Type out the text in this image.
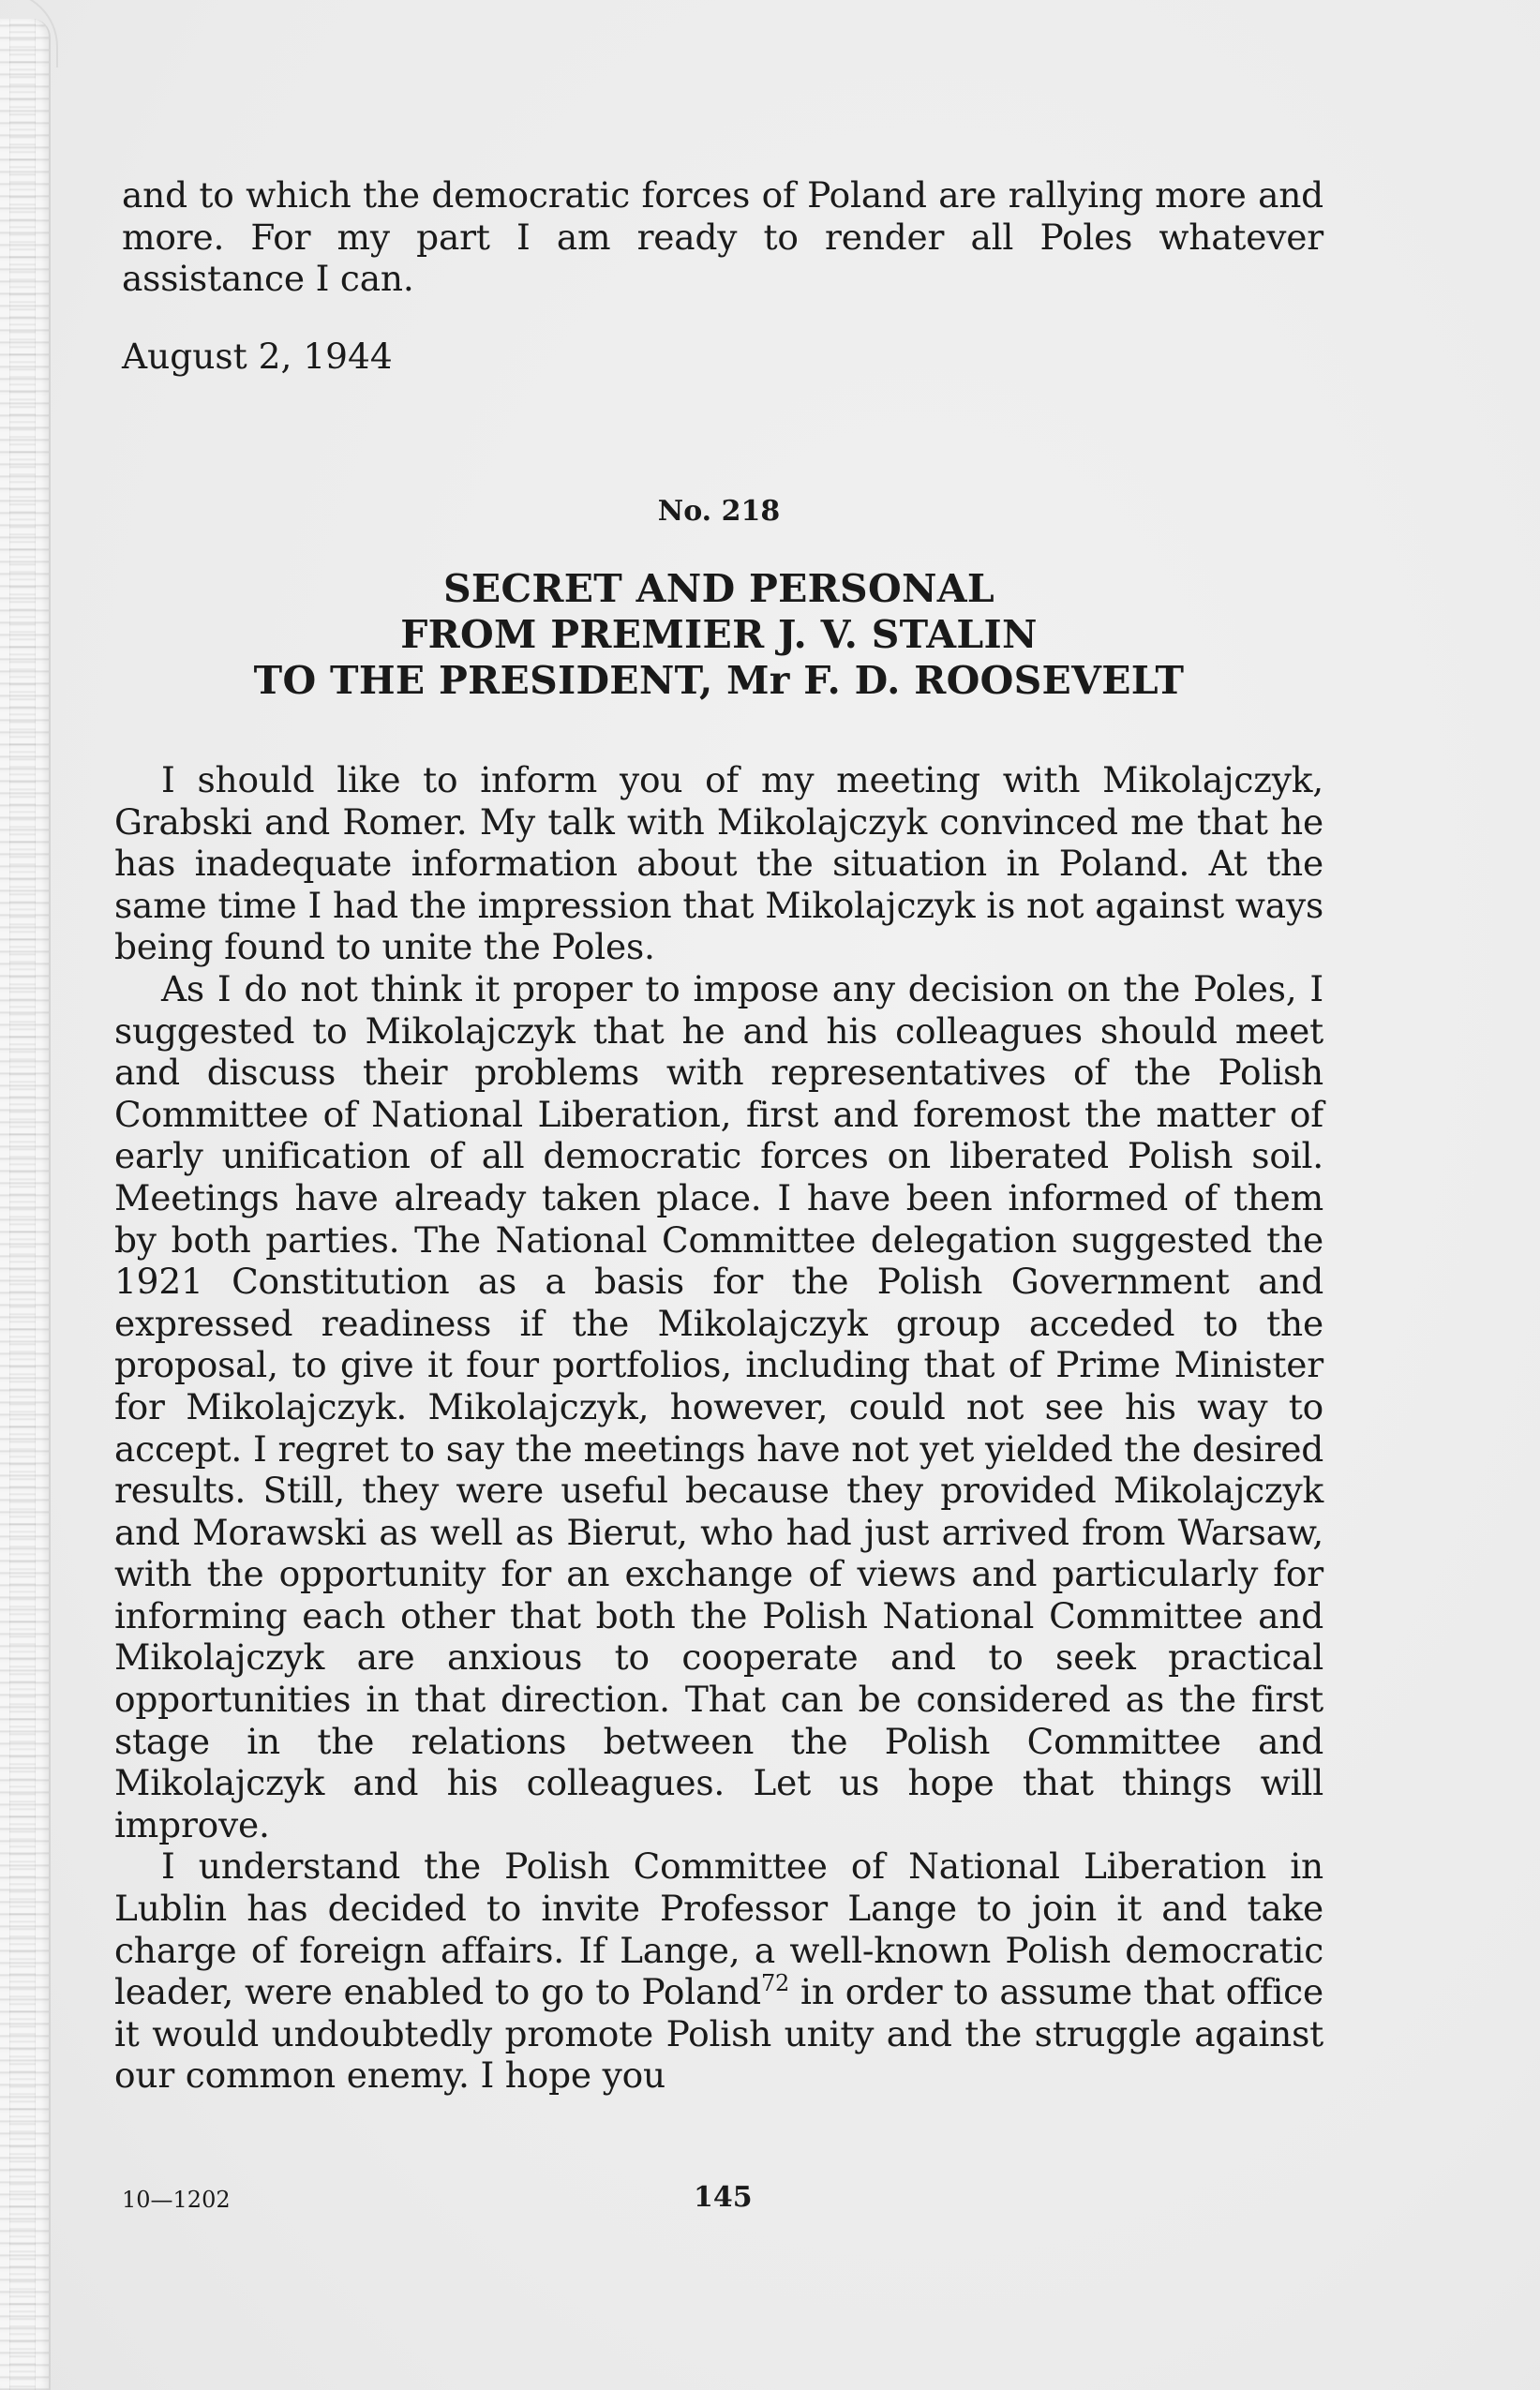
and to which the democratic forces of Poland are rallying more and more. For my part I am ready to render all Poles whatever assistance I can.

August 2, 1944

No. 218

SECRET AND PERSONAL
FROM PREMIER J. V. STALIN
TO THE PRESIDENT, Mr F. D. ROOSEVELT

I should like to inform you of my meeting with Mikolajczyk, Grabski and Romer. My talk with Mikolajczyk convinced me that he has inadequate information about the situation in Poland. At the same time I had the impression that Mikolajczyk is not against ways being found to unite the Poles.

As I do not think it proper to impose any decision on the Poles, I suggested to Mikolajczyk that he and his colleagues should meet and discuss their problems with representatives of the Polish Committee of National Liberation, first and foremost the matter of early unification of all democratic forces on liberated Polish soil. Meetings have already taken place. I have been informed of them by both parties. The National Committee delegation suggested the 1921 Constitution as a basis for the Polish Government and expressed readiness if the Mikolajczyk group acceded to the proposal, to give it four portfolios, including that of Prime Minister for Mikolajczyk. Mikolajczyk, however, could not see his way to accept. I regret to say the meetings have not yet yielded the desired results. Still, they were useful because they provided Mikolajczyk and Morawski as well as Bierut, who had just arrived from Warsaw, with the opportunity for an exchange of views and particularly for informing each other that both the Polish National Committee and Mikolajczyk are anxious to cooperate and to seek practical opportunities in that direction. That can be considered as the first stage in the relations between the Polish Committee and Mikolajczyk and his colleagues. Let us hope that things will improve.

I understand the Polish Committee of National Liberation in Lublin has decided to invite Professor Lange to join it and take charge of foreign affairs. If Lange, a well-known Polish democratic leader, were enabled to go to Poland$^{72}$ in order to assume that office it would undoubtedly promote Polish unity and the struggle against our common enemy. I hope you

10—1202	145
